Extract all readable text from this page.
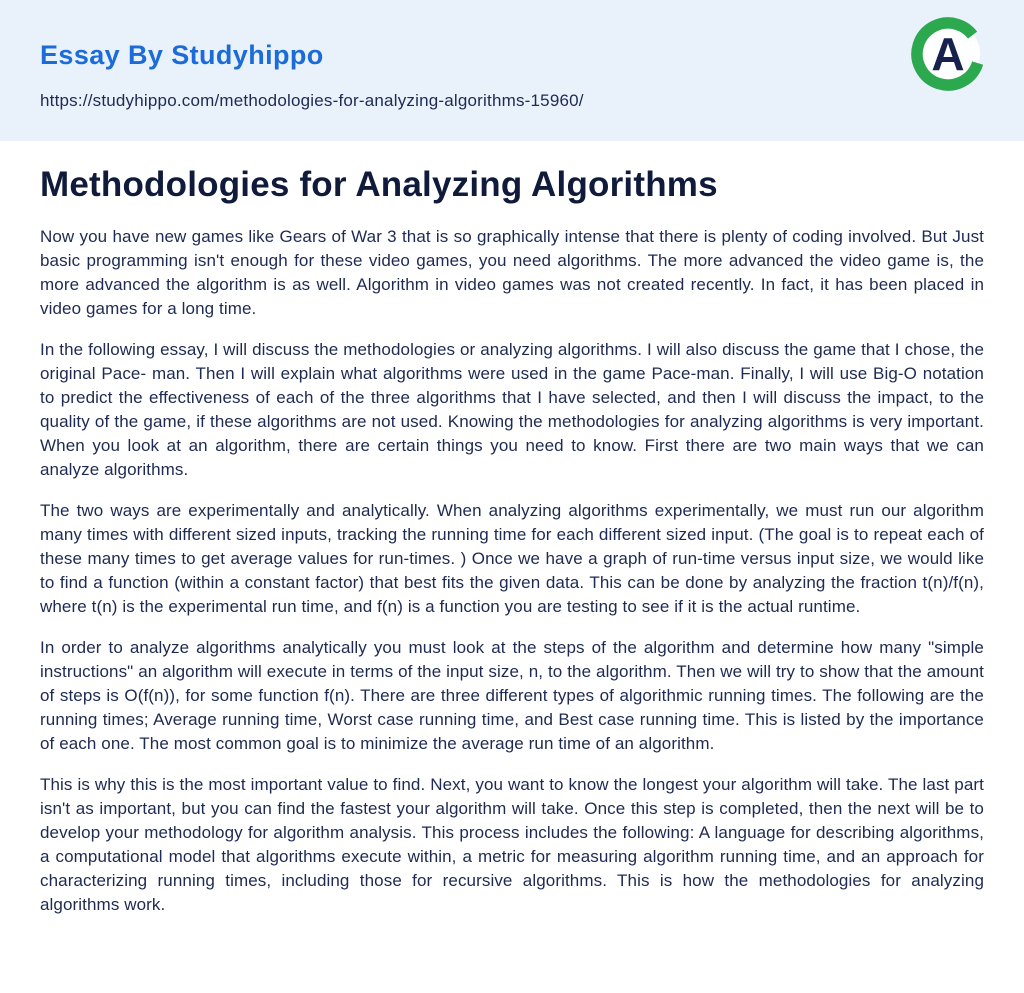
Essay By Studyhippo
https://studyhippo.com/methodologies-for-analyzing-algorithms-15960/
A
Methodologies for Analyzing Algorithms

Now you have new games like Gears of War 3 that is so graphically intense that there is plenty of coding involved. But Just basic programming isn't enough for these video games, you need algorithms. The more advanced the video game is, the more advanced the algorithm is as well. Algorithm in video games was not created recently. In fact, it has been placed in video games for a long time.

In the following essay, I will discuss the methodologies or analyzing algorithms. I will also discuss the game that I chose, the original Pace- man. Then I will explain what algorithms were used in the game Pace-man. Finally, I will use Big-O notation to predict the effectiveness of each of the three algorithms that I have selected, and then I will discuss the impact, to the quality of the game, if these algorithms are not used. Knowing the methodologies for analyzing algorithms is very important. When you look at an algorithm, there are certain things you need to know. First there are two main ways that we can analyze algorithms.

The two ways are experimentally and analytically. When analyzing algorithms experimentally, we must run our algorithm many times with different sized inputs, tracking the running time for each different sized input. (The goal is to repeat each of these many times to get average values for run-times. ) Once we have a graph of run-time versus input size, we would like to find a function (within a constant factor) that best fits the given data. This can be done by analyzing the fraction t(n)/f(n), where t(n) is the experimental run time, and f(n) is a function you are testing to see if it is the actual runtime.

In order to analyze algorithms analytically you must look at the steps of the algorithm and determine how many "simple instructions" an algorithm will execute in terms of the input size, n, to the algorithm. Then we will try to show that the amount of steps is O(f(n)), for some function f(n). There are three different types of algorithmic running times. The following are the running times; Average running time, Worst case running time, and Best case running time. This is listed by the importance of each one. The most common goal is to minimize the average run time of an algorithm.

This is why this is the most important value to find. Next, you want to know the longest your algorithm will take. The last part isn't as important, but you can find the fastest your algorithm will take. Once this step is completed, then the next will be to develop your methodology for algorithm analysis. This process includes the following: A language for describing algorithms, a computational model that algorithms execute within, a metric for measuring algorithm running time, and an approach for characterizing running times, including those for recursive algorithms. This is how the methodologies for analyzing algorithms work.
